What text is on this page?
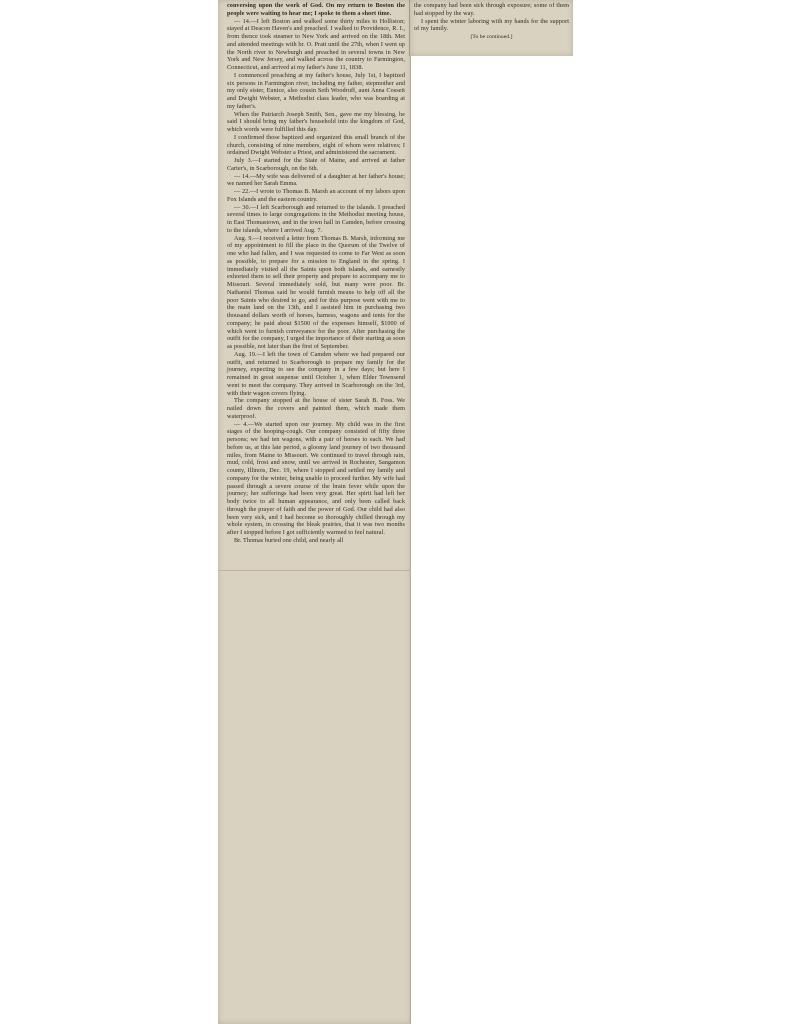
conversing upon the work of God. On my return to Boston the people were waiting to hear me; I spoke to them a short time.

— 14.—I left Boston and walked some thirty miles to Holliston; stayed at Deacon Haven's and preached. I walked to Providence, R. I., from thence took steamer to New York and arrived on the 18th. Met and attended meetings with br. O. Pratt until the 27th, when I went up the North river to Newburgh and preached in several towns in New York and New Jersey, and walked across the country to Farmington, Connecticut, and arrived at my father's June 11, 1838.

I commenced preaching at my father's house, July 1st, I baptized six persons in Farmington river, including my father, stepmother and my only sister, Eunice, also cousin Seth Woodruff, aunt Anna Cossett and Dwight Webster, a Methodist class leader, who was boarding at my father's.

When the Patriarch Joseph Smith, Sen., gave me my blessing, he said I should bring my father's household into the kingdom of God, which words were fulfilled this day.

I confirmed those baptized and organized this small branch of the church, consisting of nine members, eight of whom were relatives; I ordained Dwight Webster a Priest, and administered the sacrament.

July 3.—I started for the State of Maine, and arrived at father Carter's, in Scarborough, on the 6th.

— 14.—My wife was delivered of a daughter at her father's house; we named her Sarah Emma.

— 22.—I wrote to Thomas B. Marsh an account of my labors upon Fox Islands and the eastern country.

— 30.—I left Scarborough and returned to the islands. I preached several times to large congregations in the Methodist meeting house, in East Thomastown, and in the town hall in Camden, before crossing to the islands, where I arrived Aug. 7.

Aug. 9.—I received a letter from Thomas B. Marsh, informing me of my appointment to fill the place in the Quorum of the Twelve of one who had fallen, and I was requested to come to Far West as soon as possible, to prepare for a mission to England in the spring. I immediately visited all the Saints upon both islands, and earnestly exhorted them to sell their property and prepare to accompany me to Missouri. Several immediately sold, but many were poor. Br. Nathaniel Thomas said he would furnish means to help off all the poor Saints who desired to go, and for this purpose went with me to the main land on the 13th, and I assisted him in purchasing two thousand dollars worth of horses, harness, wagons and tents for the company; he paid about $1500 of the expenses himself, $1000 of which went to furnish conveyance for the poor. After purchasing the outfit for the company, I urged the importance of their starting as soon as possible, not later than the first of September.

Aug. 19.—I left the town of Camden where we had prepared our outfit, and returned to Scarborough to prepare my family for the journey, expecting to see the company in a few days; but here I remained in great suspense until October 1, when Elder Townsend went to meet the company. They arrived in Scarborough on the 3rd, with their wagon covers flying.

The company stopped at the house of sister Sarah B. Foss. We nailed down the covers and painted them, which made them waterproof.

— 4.—We started upon our journey. My child was in the first stages of the hooping-cough. Our company consisted of fifty three persons; we had ten wagons, with a pair of horses to each. We had before us, at this late period, a gloomy land journey of two thousand miles, from Maine to Missouri. We continued to travel through rain, mud, cold, frost and snow, until we arrived in Rochester, Sangamon county, Illinois, Dec. 19, where I stopped and settled my family and company for the winter, being unable to proceed further. My wife had passed through a severe course of the brain fever while upon the journey; her sufferings had been very great. Her spirit had left her body twice to all human appearance, and only been called back through the prayer of faith and the power of God. Our child had also been very sick, and I had become so thoroughly chilled through my whole system, in crossing the bleak prairies, that it was two months after I stopped before I got sufficiently warmed to feel natural.

Br. Thomas buried one child, and nearly all

the company had been sick through exposure; some of them had stopped by the way.

I spent the winter laboring with my hands for the support of my family.

[To be continued.]
